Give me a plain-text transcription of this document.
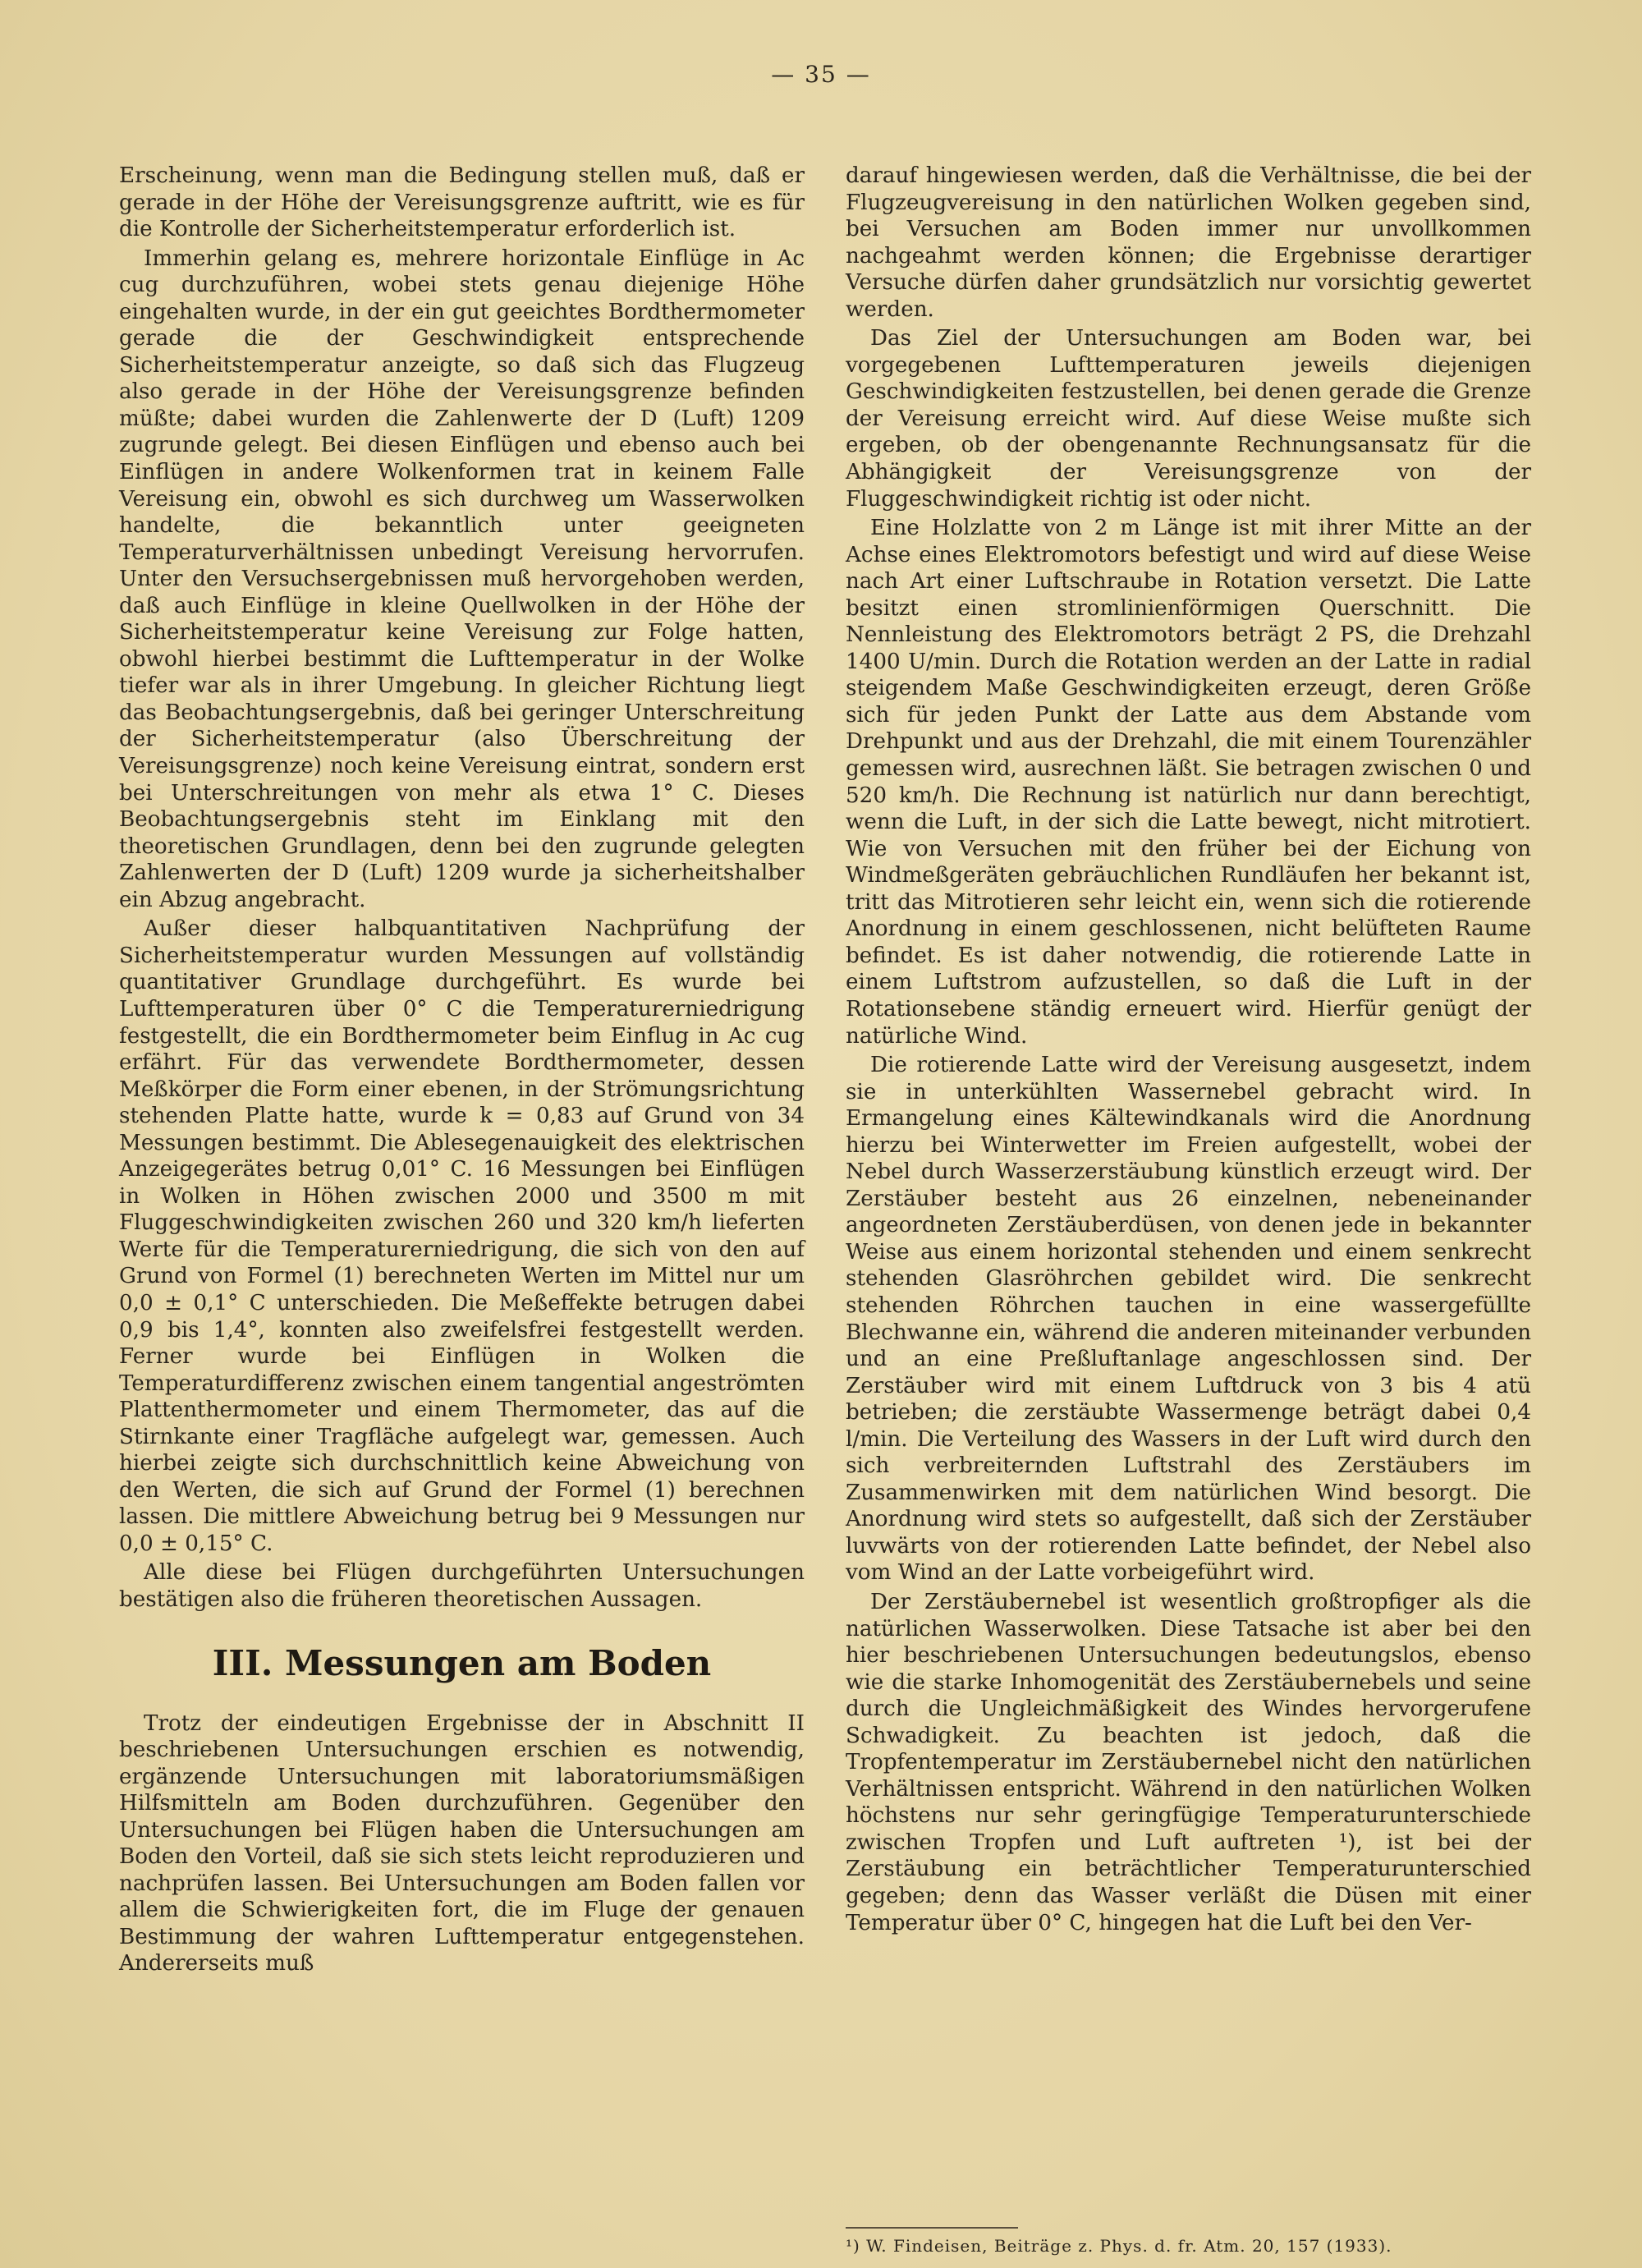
— 35 —

Erscheinung, wenn man die Bedingung stellen muß, daß er gerade in der Höhe der Vereisungsgrenze auftritt, wie es für die Kontrolle der Sicherheitstemperatur erforderlich ist.

Immerhin gelang es, mehrere horizontale Einflüge in Ac cug durchzuführen, wobei stets genau diejenige Höhe eingehalten wurde, in der ein gut geeichtes Bordthermometer gerade die der Geschwindigkeit entsprechende Sicherheitstemperatur anzeigte, so daß sich das Flugzeug also gerade in der Höhe der Vereisungsgrenze befinden müßte; dabei wurden die Zahlenwerte der D (Luft) 1209 zugrunde gelegt. Bei diesen Einflügen und ebenso auch bei Einflügen in andere Wolkenformen trat in keinem Falle Vereisung ein, obwohl es sich durchweg um Wasserwolken handelte, die bekanntlich unter geeigneten Temperaturverhältnissen unbedingt Vereisung hervorrufen. Unter den Versuchsergebnissen muß hervorgehoben werden, daß auch Einflüge in kleine Quellwolken in der Höhe der Sicherheitstemperatur keine Vereisung zur Folge hatten, obwohl hierbei bestimmt die Lufttemperatur in der Wolke tiefer war als in ihrer Umgebung. In gleicher Richtung liegt das Beobachtungsergebnis, daß bei geringer Unterschreitung der Sicherheitstemperatur (also Überschreitung der Vereisungsgrenze) noch keine Vereisung eintrat, sondern erst bei Unterschreitungen von mehr als etwa 1° C. Dieses Beobachtungsergebnis steht im Einklang mit den theoretischen Grundlagen, denn bei den zugrunde gelegten Zahlenwerten der D (Luft) 1209 wurde ja sicherheitshalber ein Abzug angebracht.

Außer dieser halbquantitativen Nachprüfung der Sicherheitstemperatur wurden Messungen auf vollständig quantitativer Grundlage durchgeführt. Es wurde bei Lufttemperaturen über 0° C die Temperaturerniedrigung festgestellt, die ein Bordthermometer beim Einflug in Ac cug erfährt. Für das verwendete Bordthermometer, dessen Meßkörper die Form einer ebenen, in der Strömungsrichtung stehenden Platte hatte, wurde k = 0,83 auf Grund von 34 Messungen bestimmt. Die Ablesegenauigkeit des elektrischen Anzeigegerätes betrug 0,01° C. 16 Messungen bei Einflügen in Wolken in Höhen zwischen 2000 und 3500 m mit Fluggeschwindigkeiten zwischen 260 und 320 km/h lieferten Werte für die Temperaturerniedrigung, die sich von den auf Grund von Formel (1) berechneten Werten im Mittel nur um 0,0 ± 0,1° C unterschieden. Die Meßeffekte betrugen dabei 0,9 bis 1,4°, konnten also zweifelsfrei festgestellt werden. Ferner wurde bei Einflügen in Wolken die Temperaturdifferenz zwischen einem tangential angeströmten Plattenthermometer und einem Thermometer, das auf die Stirnkante einer Tragfläche aufgelegt war, gemessen. Auch hierbei zeigte sich durchschnittlich keine Abweichung von den Werten, die sich auf Grund der Formel (1) berechnen lassen. Die mittlere Abweichung betrug bei 9 Messungen nur 0,0 ± 0,15° C.

Alle diese bei Flügen durchgeführten Untersuchungen bestätigen also die früheren theoretischen Aussagen.

III. Messungen am Boden

Trotz der eindeutigen Ergebnisse der in Abschnitt II beschriebenen Untersuchungen erschien es notwendig, ergänzende Untersuchungen mit laboratoriumsmäßigen Hilfsmitteln am Boden durchzuführen. Gegenüber den Untersuchungen bei Flügen haben die Untersuchungen am Boden den Vorteil, daß sie sich stets leicht reproduzieren und nachprüfen lassen. Bei Untersuchungen am Boden fallen vor allem die Schwierigkeiten fort, die im Fluge der genauen Bestimmung der wahren Lufttemperatur entgegenstehen. Andererseits muß

darauf hingewiesen werden, daß die Verhältnisse, die bei der Flugzeugvereisung in den natürlichen Wolken gegeben sind, bei Versuchen am Boden immer nur unvollkommen nachgeahmt werden können; die Ergebnisse derartiger Versuche dürfen daher grundsätzlich nur vorsichtig gewertet werden.

Das Ziel der Untersuchungen am Boden war, bei vorgegebenen Lufttemperaturen jeweils diejenigen Geschwindigkeiten festzustellen, bei denen gerade die Grenze der Vereisung erreicht wird. Auf diese Weise mußte sich ergeben, ob der obengenannte Rechnungsansatz für die Abhängigkeit der Vereisungsgrenze von der Fluggeschwindigkeit richtig ist oder nicht.

Eine Holzlatte von 2 m Länge ist mit ihrer Mitte an der Achse eines Elektromotors befestigt und wird auf diese Weise nach Art einer Luftschraube in Rotation versetzt. Die Latte besitzt einen stromlinienförmigen Querschnitt. Die Nennleistung des Elektromotors beträgt 2 PS, die Drehzahl 1400 U/min. Durch die Rotation werden an der Latte in radial steigendem Maße Geschwindigkeiten erzeugt, deren Größe sich für jeden Punkt der Latte aus dem Abstande vom Drehpunkt und aus der Drehzahl, die mit einem Tourenzähler gemessen wird, ausrechnen läßt. Sie betragen zwischen 0 und 520 km/h. Die Rechnung ist natürlich nur dann berechtigt, wenn die Luft, in der sich die Latte bewegt, nicht mitrotiert. Wie von Versuchen mit den früher bei der Eichung von Windmeßgeräten gebräuchlichen Rundläufen her bekannt ist, tritt das Mitrotieren sehr leicht ein, wenn sich die rotierende Anordnung in einem geschlossenen, nicht belüfteten Raume befindet. Es ist daher notwendig, die rotierende Latte in einem Luftstrom aufzustellen, so daß die Luft in der Rotationsebene ständig erneuert wird. Hierfür genügt der natürliche Wind.

Die rotierende Latte wird der Vereisung ausgesetzt, indem sie in unterkühlten Wassernebel gebracht wird. In Ermangelung eines Kältewindkanals wird die Anordnung hierzu bei Winterwetter im Freien aufgestellt, wobei der Nebel durch Wasserzerstäubung künstlich erzeugt wird. Der Zerstäuber besteht aus 26 einzelnen, nebeneinander angeordneten Zerstäuberdüsen, von denen jede in bekannter Weise aus einem horizontal stehenden und einem senkrecht stehenden Glasröhrchen gebildet wird. Die senkrecht stehenden Röhrchen tauchen in eine wassergefüllte Blechwanne ein, während die anderen miteinander verbunden und an eine Preßluftanlage angeschlossen sind. Der Zerstäuber wird mit einem Luftdruck von 3 bis 4 atü betrieben; die zerstäubte Wassermenge beträgt dabei 0,4 l/min. Die Verteilung des Wassers in der Luft wird durch den sich verbreiternden Luftstrahl des Zerstäubers im Zusammenwirken mit dem natürlichen Wind besorgt. Die Anordnung wird stets so aufgestellt, daß sich der Zerstäuber luvwärts von der rotierenden Latte befindet, der Nebel also vom Wind an der Latte vorbeigeführt wird.

Der Zerstäubernebel ist wesentlich großtropfiger als die natürlichen Wasserwolken. Diese Tatsache ist aber bei den hier beschriebenen Untersuchungen bedeutungslos, ebenso wie die starke Inhomogenität des Zerstäubernebels und seine durch die Ungleichmäßigkeit des Windes hervorgerufene Schwadigkeit. Zu beachten ist jedoch, daß die Tropfentemperatur im Zerstäubernebel nicht den natürlichen Verhältnissen entspricht. Während in den natürlichen Wolken höchstens nur sehr geringfügige Temperaturunterschiede zwischen Tropfen und Luft auftreten ¹), ist bei der Zerstäubung ein beträchtlicher Temperaturunterschied gegeben; denn das Wasser verläßt die Düsen mit einer Temperatur über 0° C, hingegen hat die Luft bei den Ver-

¹) W. Findeisen, Beiträge z. Phys. d. fr. Atm. 20, 157 (1933).
